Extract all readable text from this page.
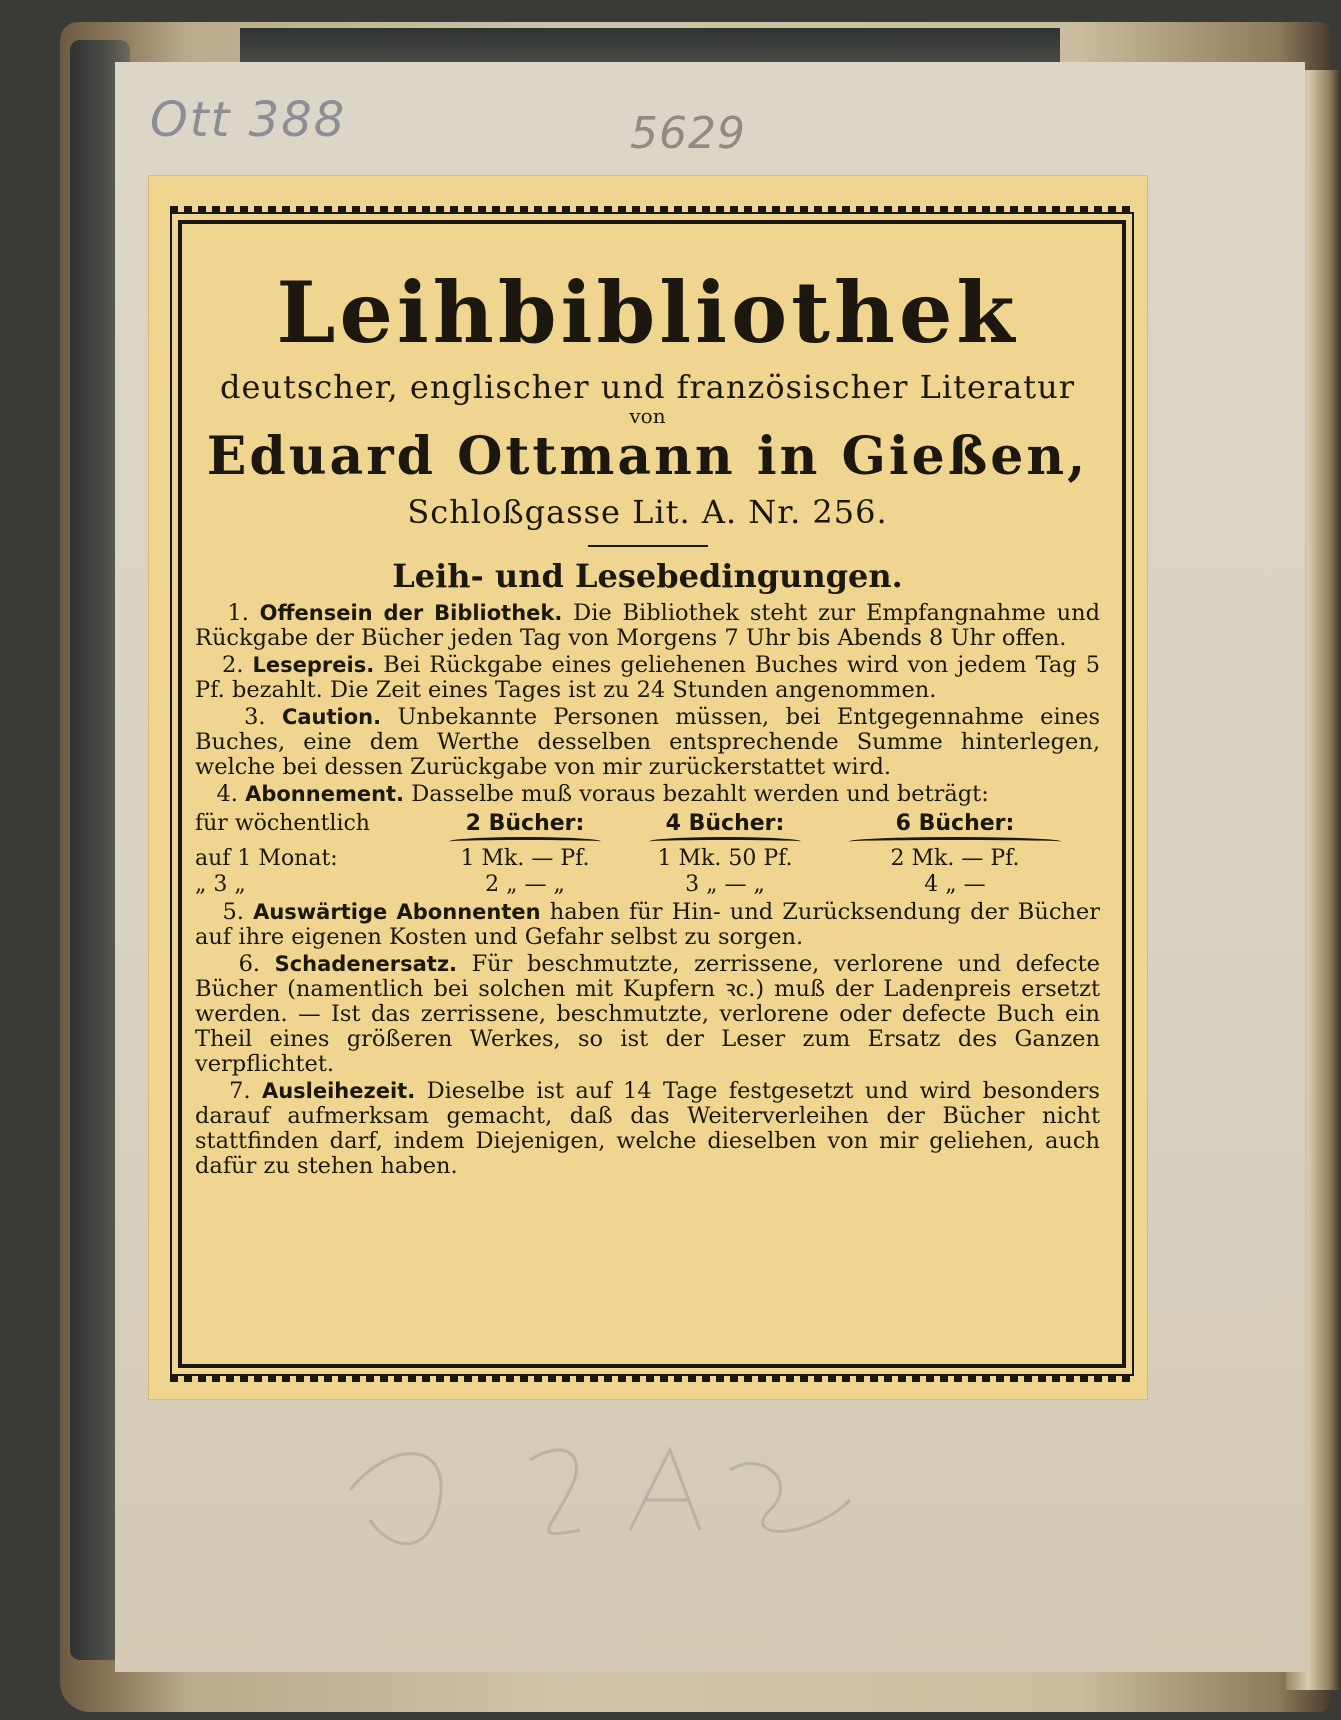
Ott 388	5629
Leihbibliothek
deutscher, englischer und französischer Literatur
von
Eduard Ottmann in Gießen,
Schloßgasse Lit. A. Nr. 256.
Leih- und Lesebedingungen.

1. Offensein der Bibliothek. Die Bibliothek steht zur Empfangnahme und Rückgabe der Bücher jeden Tag von Morgens 7 Uhr bis Abends 8 Uhr offen.

2. Lesepreis. Bei Rückgabe eines geliehenen Buches wird von jedem Tag 5 Pf. bezahlt. Die Zeit eines Tages ist zu 24 Stunden angenommen.

3. Caution. Unbekannte Personen müssen, bei Entgegennahme eines Buches, eine dem Werthe desselben entsprechende Summe hinterlegen, welche bei dessen Zurückgabe von mir zurückerstattet wird.

4. Abonnement. Dasselbe muß voraus bezahlt werden und beträgt:

für wöchentlich	2 Bücher:	4 Bücher:	6 Bücher:
auf 1 Monat:	1 Mk. — Pf.	1 Mk. 50 Pf.	2 Mk. — Pf.
„ 3 „	2 „ — „	3 „ — „	4 „ —

5. Auswärtige Abonnenten haben für Hin- und Zurücksendung der Bücher auf ihre eigenen Kosten und Gefahr selbst zu sorgen.

6. Schadenersatz. Für beschmutzte, zerrissene, verlorene und defecte Bücher (namentlich bei solchen mit Kupfern ꝛc.) muß der Ladenpreis ersetzt werden. — Ist das zerrissene, beschmutzte, verlorene oder defecte Buch ein Theil eines größeren Werkes, so ist der Leser zum Ersatz des Ganzen verpflichtet.

7. Ausleihezeit. Dieselbe ist auf 14 Tage festgesetzt und wird besonders darauf aufmerksam gemacht, daß das Weiterverleihen der Bücher nicht stattfinden darf, indem Diejenigen, welche dieselben von mir geliehen, auch dafür zu stehen haben.
